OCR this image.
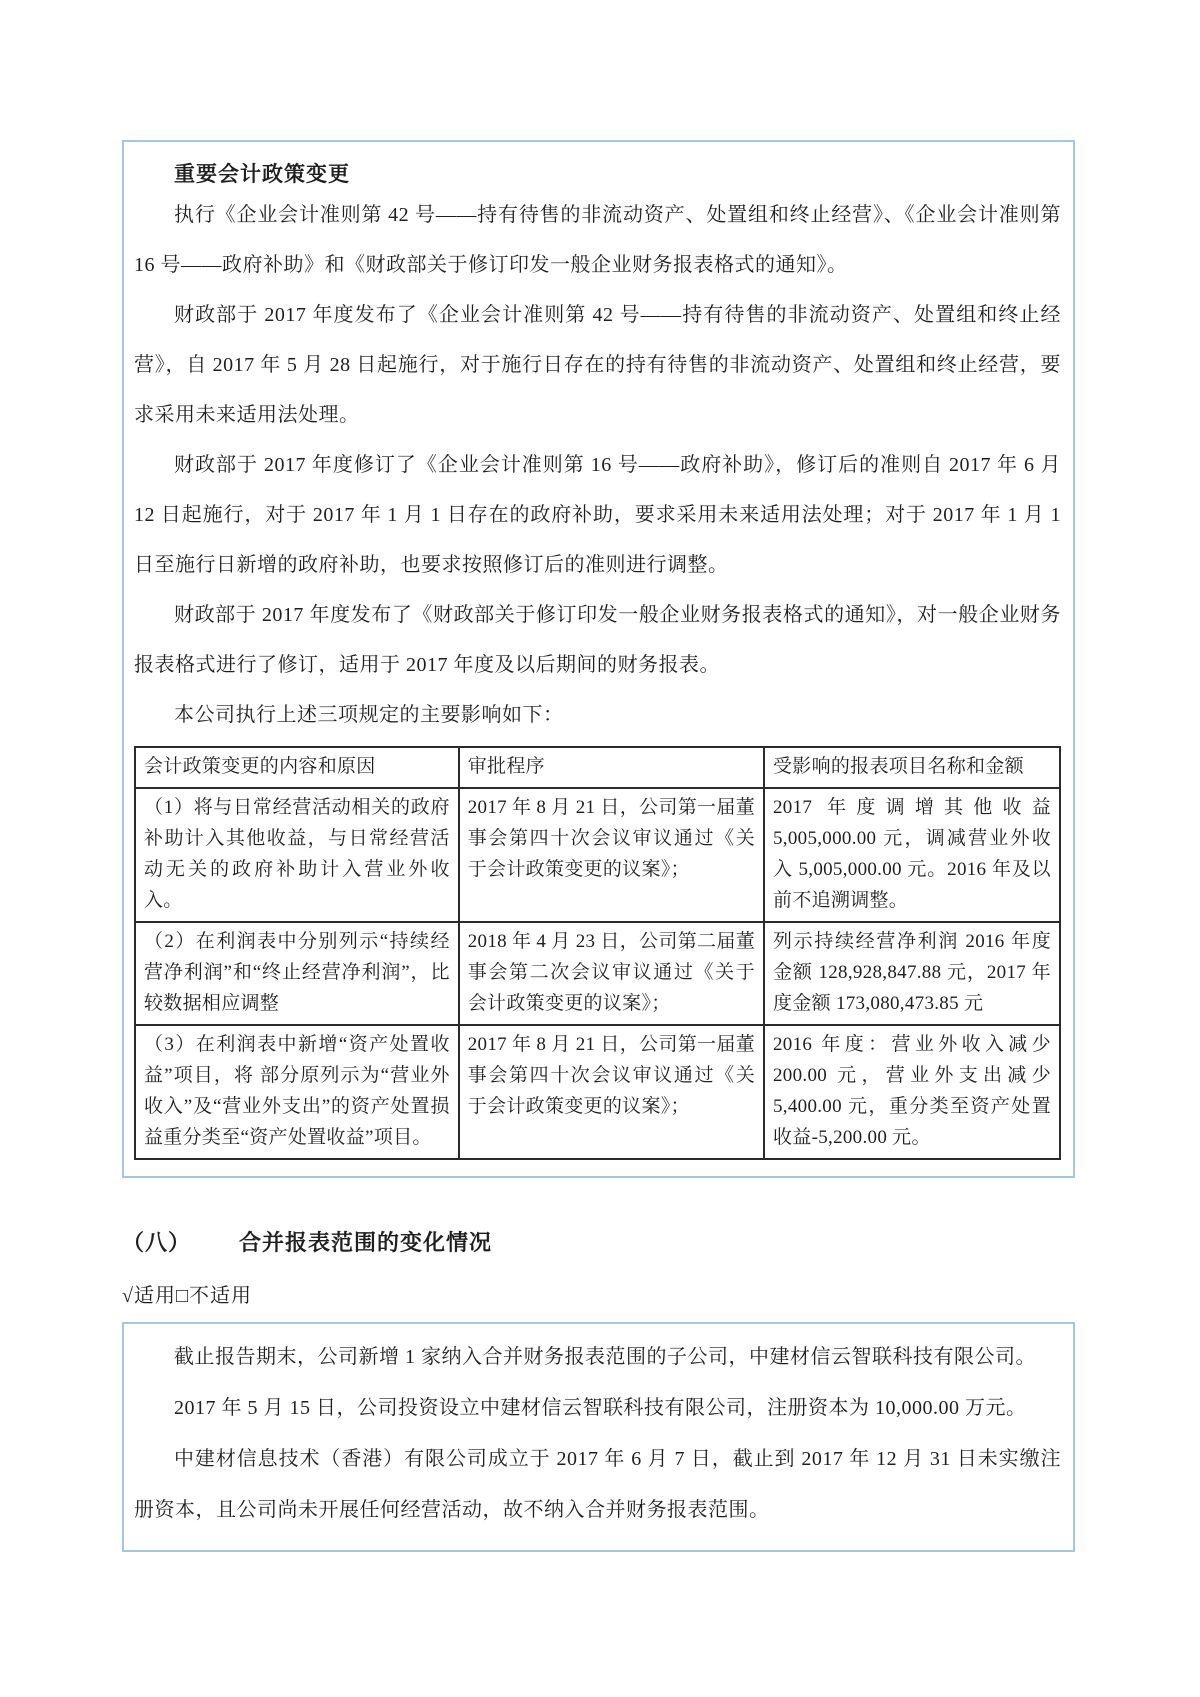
重要会计政策变更

执行《企业会计准则第 42 号——持有待售的非流动资产、处置组和终止经营》、《企业会计准则第 16 号——政府补助》和《财政部关于修订印发一般企业财务报表格式的通知》。

财政部于 2017 年度发布了《企业会计准则第 42 号——持有待售的非流动资产、处置组和终止经营》，自 2017 年 5 月 28 日起施行，对于施行日存在的持有待售的非流动资产、处置组和终止经营，要求采用未来适用法处理。

财政部于 2017 年度修订了《企业会计准则第 16 号——政府补助》，修订后的准则自 2017 年 6 月 12 日起施行，对于 2017 年 1 月 1 日存在的政府补助，要求采用未来适用法处理；对于 2017 年 1 月 1 日至施行日新增的政府补助，也要求按照修订后的准则进行调整。

财政部于 2017 年度发布了《财政部关于修订印发一般企业财务报表格式的通知》，对一般企业财务报表格式进行了修订，适用于 2017 年度及以后期间的财务报表。

本公司执行上述三项规定的主要影响如下：

会计政策变更的内容和原因	审批程序	受影响的报表项目名称和金额
（1）将与日常经营活动相关的政府补助计入其他收益，与日常经营活动无关的政府补助计入营业外收入。	2017 年 8 月 21 日，公司第一届董事会第四十次会议审议通过《关于会计政策变更的议案》；	2017 年度调增其他收益 5,005,000.00 元，调减营业外收入 5,005,000.00 元。2016 年及以前不追溯调整。
（2）在利润表中分别列示“持续经营净利润”和“终止经营净利润”，比较数据相应调整	2018 年 4 月 23 日，公司第二届董事会第二次会议审议通过《关于会计政策变更的议案》；	列示持续经营净利润 2016 年度金额 128,928,847.88 元，2017 年度金额 173,080,473.85 元
（3）在利润表中新增“资产处置收益”项目，将 部分原列示为“营业外收入”及“营业外支出”的资产处置损益重分类至“资产处置收益”项目。	2017 年 8 月 21 日，公司第一届董事会第四十次会议审议通过《关于会计政策变更的议案》；	2016 年度：营业外收入减少 200.00 元，营业外支出减少 5,400.00 元，重分类至资产处置收益-5,200.00 元。
（八） 合并报表范围的变化情况
√适用□不适用

截止报告期末，公司新增 1 家纳入合并财务报表范围的子公司，中建材信云智联科技有限公司。

2017 年 5 月 15 日，公司投资设立中建材信云智联科技有限公司，注册资本为 10,000.00 万元。

中建材信息技术（香港）有限公司成立于 2017 年 6 月 7 日，截止到 2017 年 12 月 31 日未实缴注册资本，且公司尚未开展任何经营活动，故不纳入合并财务报表范围。
